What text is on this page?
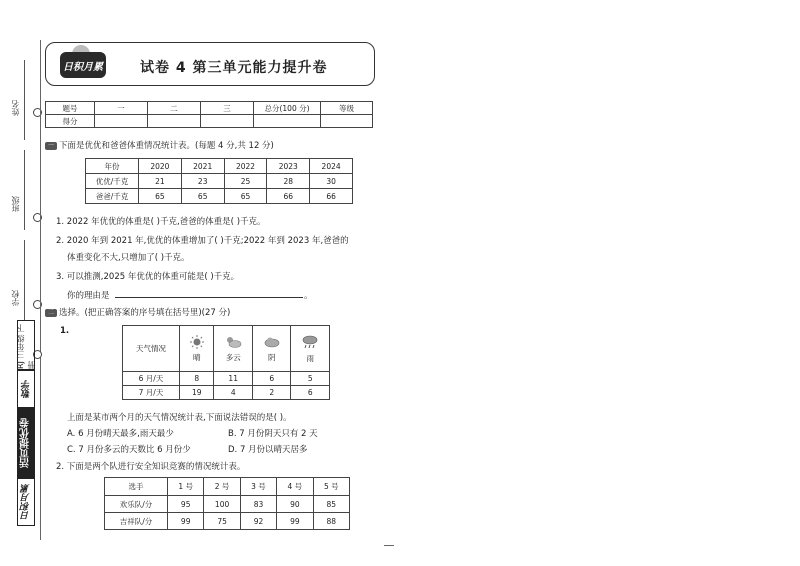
姓名
班级
学校
RJ 三年级 下册
数学
活页提优卷
日积月累
日积月累	试卷 4 第三单元能力提升卷
题号	一	二	三	总分(100 分)	等级
得分					
一 下面是优优和爸爸体重情况统计表。(每题 4 分,共 12 分)
年份	2020	2021	2022	2023	2024
优优/千克	21	23	25	28	30
爸爸/千克	65	65	65	66	66
1. 2022 年优优的体重是( )千克,爸爸的体重是( )千克。
2. 2020 年到 2021 年,优优的体重增加了( )千克;2022 年到 2023 年,爸爸的
体重变化不大,只增加了( )千克。
3. 可以推测,2025 年优优的体重可能是( )千克。
你的理由是	。
二 选择。(把正确答案的序号填在括号里)(27 分)
1.
天气情况	晴	多云	阴	雨
6 月/天	8	11	6	5
7 月/天	19	4	2	6
上面是某市两个月的天气情况统计表,下面说法错误的是( )。
A. 6 月份晴天最多,雨天最少	B. 7 月份阴天只有 2 天
C. 7 月份多云的天数比 6 月份少	D. 7 月份以晴天居多
2. 下面是两个队进行安全知识竞赛的情况统计表。
选手	1 号	2 号	3 号	4 号	5 号
欢乐队/分	95	100	83	90	85
吉祥队/分	99	75	92	99	88
